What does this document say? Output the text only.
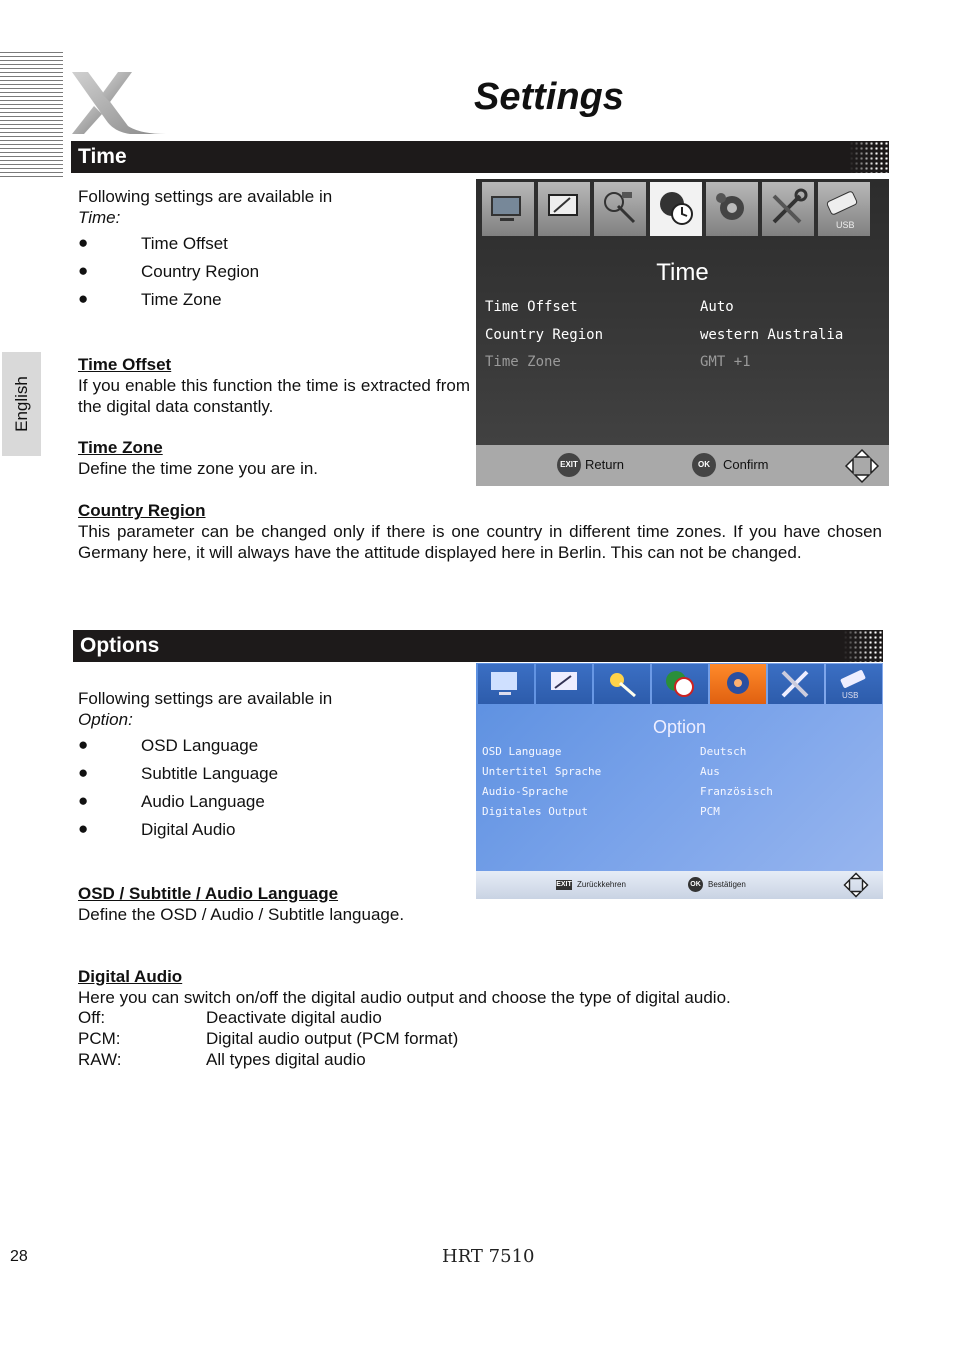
English
Settings
Time
Following settings are available in
Time:
●	Time Offset
●	Country Region
●	Time Zone
Time Offset
If you enable this function the time is extracted from the digital data constantly.
Time Zone
Define the time zone you are in.
Country Region
This parameter can be changed only if there is one country in different time zones. If you have chosen Germany here, it will always have the attitude displayed here in Berlin. This can not be changed.
USB
Time
Time Offset	Auto
Country Region	western Australia
Time Zone	GMT +1
EXIT Return	OK	Confirm
Options
Following settings are available in
Option:
●	OSD Language
●	Subtitle Language
●	Audio Language
●	Digital Audio
OSD / Subtitle / Audio Language
Define the OSD / Audio / Subtitle language.
Digital Audio
Here you can switch on/off the digital audio output and choose the type of digital audio.
Off:	Deactivate digital audio
PCM:	Digital audio output (PCM format)
RAW:	All types digital audio
USB
Option
OSD Language	Deutsch
Untertitel Sprache	Aus
Audio-Sprache	Französisch
Digitales Output	PCM
EXIT Zurückkehren	OK Bestätigen
28	HRT 7510
